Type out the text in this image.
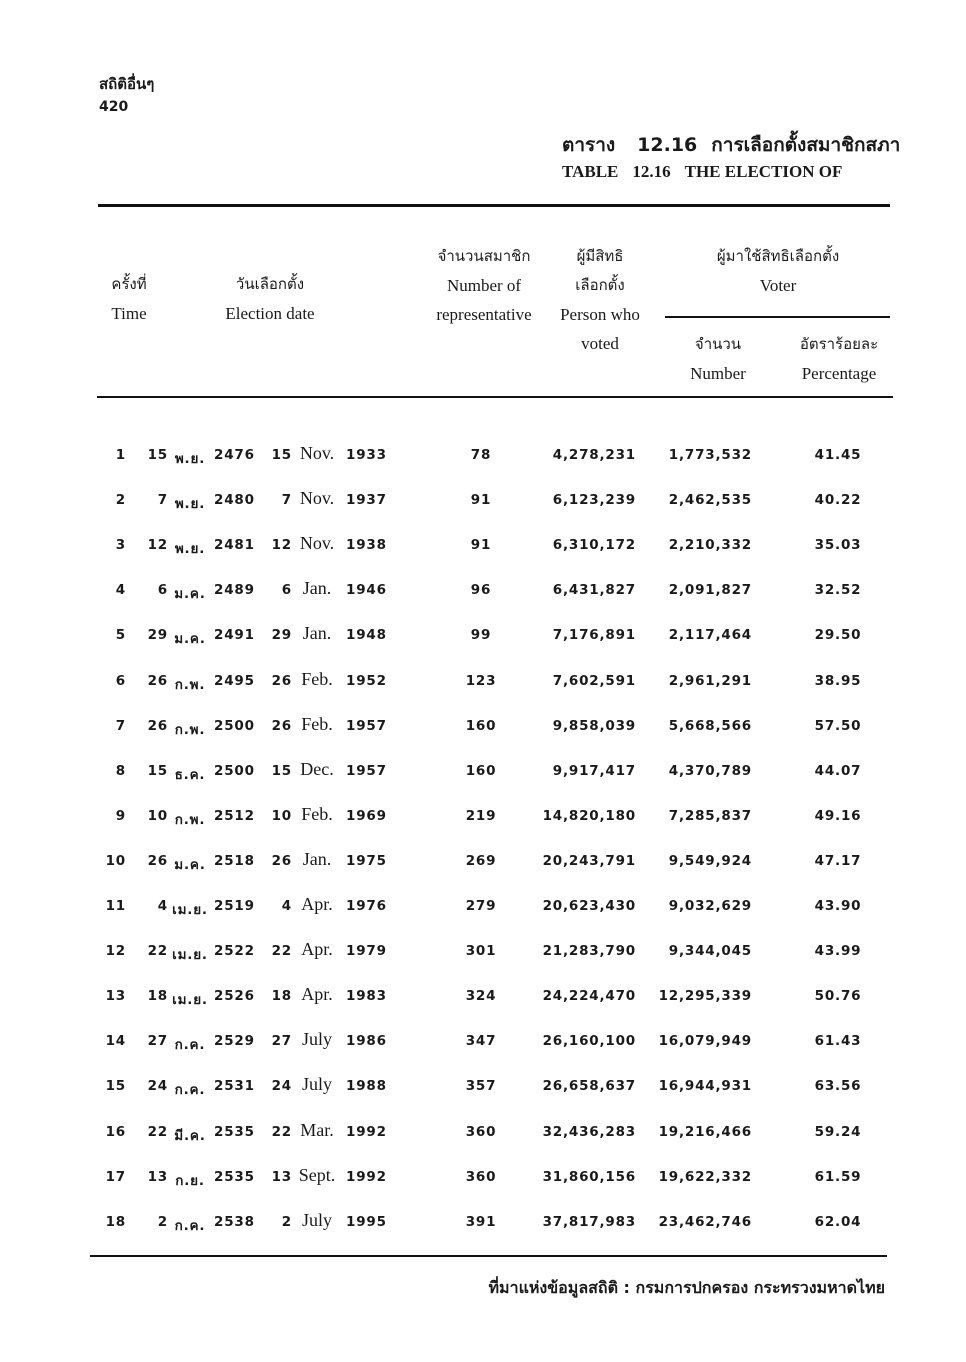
สถิติอื่นๆ
420
ตาราง 12.16 การเลือกตั้งสมาชิกสภา
TABLE 12.16 THE ELECTION OF
ครั้งที่
Time
วันเลือกตั้ง
Election date
จำนวนสมาชิก
Number of
representative
ผู้มีสิทธิ
เลือกตั้ง
Person who
voted
ผู้มาใช้สิทธิเลือกตั้ง
Voter
จำนวน
Number
อัตราร้อยละ
Percentage
1	15 พ.ย. 2476	15 Nov. 1933	78	4,278,231	1,773,532	41.45
2	7 พ.ย. 2480	7 Nov. 1937	91	6,123,239	2,462,535	40.22
3	12 พ.ย. 2481	12 Nov. 1938	91	6,310,172	2,210,332	35.03
4	6 ม.ค. 2489	6 Jan.	1946	96	6,431,827	2,091,827	32.52
5	29 ม.ค. 2491	29 Jan.	1948	99	7,176,891	2,117,464	29.50
6	26 ก.พ. 2495	26 Feb. 1952	123	7,602,591	2,961,291	38.95
7	26 ก.พ. 2500	26 Feb. 1957	160	9,858,039	5,668,566	57.50
8	15 ธ.ค. 2500	15 Dec. 1957	160	9,917,417	4,370,789	44.07
9	10 ก.พ. 2512	10 Feb. 1969	219	14,820,180	7,285,837	49.16
10	26 ม.ค. 2518	26 Jan.	1975	269	20,243,791	9,549,924	47.17
11	4 เม.ย. 2519	4 Apr. 1976	279	20,623,430	9,032,629	43.90
12	22 เม.ย. 2522	22 Apr. 1979	301	21,283,790	9,344,045	43.99
13	18 เม.ย. 2526	18 Apr. 1983	324	24,224,470 12,295,339	50.76
14	27 ก.ค. 2529	27 July	1986	347	26,160,100 16,079,949	61.43
15	24 ก.ค. 2531	24 July	1988	357	26,658,637 16,944,931	63.56
16	22 มี.ค. 2535	22 Mar. 1992	360	32,436,283 19,216,466	59.24
17	13 ก.ย. 2535	13 Sept. 1992	360	31,860,156 19,622,332	61.59
18	2 ก.ค. 2538	2 July	1995	391	37,817,983 23,462,746	62.04
ที่มาแห่งข้อมูลสถิติ : กรมการปกครอง กระทรวงมหาดไทย
